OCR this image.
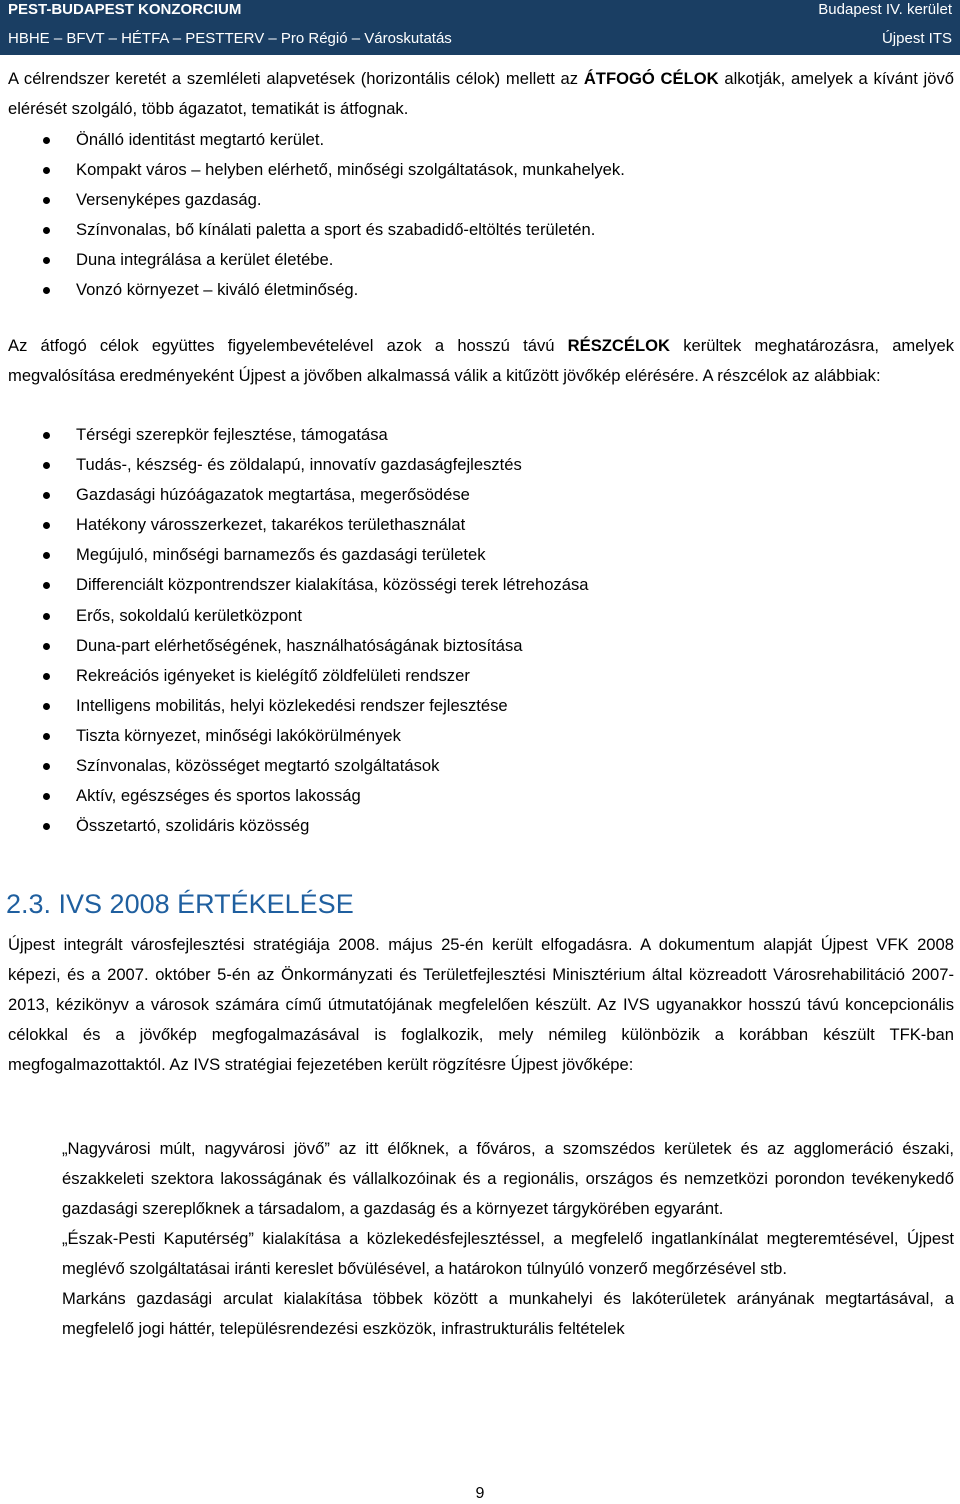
PEST-BUDAPEST KONZORCIUM	Budapest IV. kerület
HBHE – BFVT – HÉTFA – PESTTERV – Pro Régió – Városkutatás	Újpest ITS

A célrendszer keretét a szemléleti alapvetések (horizontális célok) mellett az ÁTFOGÓ CÉLOK alkotják, amelyek a kívánt jövő elérését szolgáló, több ágazatot, tematikát is átfognak.

Önálló identitást megtartó kerület.
Kompakt város – helyben elérhető, minőségi szolgáltatások, munkahelyek.
Versenyképes gazdaság.
Színvonalas, bő kínálati paletta a sport és szabadidő-eltöltés területén.
Duna integrálása a kerület életébe.
Vonzó környezet – kiváló életminőség.

Az átfogó célok együttes figyelembevételével azok a hosszú távú RÉSZCÉLOK kerültek meghatározásra, amelyek megvalósítása eredményeként Újpest a jövőben alkalmassá válik a kitűzött jövőkép elérésére. A részcélok az alábbiak:

Térségi szerepkör fejlesztése, támogatása
Tudás-, készség- és zöldalapú, innovatív gazdaságfejlesztés
Gazdasági húzóágazatok megtartása, megerősödése
Hatékony városszerkezet, takarékos területhasználat
Megújuló, minőségi barnamezős és gazdasági területek
Differenciált központrendszer kialakítása, közösségi terek létrehozása
Erős, sokoldalú kerületközpont
Duna-part elérhetőségének, használhatóságának biztosítása
Rekreációs igényeket is kielégítő zöldfelületi rendszer
Intelligens mobilitás, helyi közlekedési rendszer fejlesztése
Tiszta környezet, minőségi lakókörülmények
Színvonalas, közösséget megtartó szolgáltatások
Aktív, egészséges és sportos lakosság
Összetartó, szolidáris közösség
2.3. IVS 2008 ÉRTÉKELÉSE

Újpest integrált városfejlesztési stratégiája 2008. május 25-én került elfogadásra. A dokumentum alapját Újpest VFK 2008 képezi, és a 2007. október 5-én az Önkormányzati és Területfejlesztési Minisztérium által közreadott Városrehabilitáció 2007-2013, kézikönyv a városok számára című útmutatójának megfelelően készült. Az IVS ugyanakkor hosszú távú koncepcionális célokkal és a jövőkép megfogalmazásával is foglalkozik, mely némileg különbözik a korábban készült TFK-ban megfogalmazottaktól. Az IVS stratégiai fejezetében került rögzítésre Újpest jövőképe:

„Nagyvárosi múlt, nagyvárosi jövő” az itt élőknek, a főváros, a szomszédos kerületek és az agglomeráció északi, északkeleti szektora lakosságának és vállalkozóinak és a regionális, országos és nemzetközi porondon tevékenykedő gazdasági szereplőknek a társadalom, a gazdaság és a környezet tárgykörében egyaránt.

„Észak-Pesti Kaputérség” kialakítása a közlekedésfejlesztéssel, a megfelelő ingatlankínálat megteremtésével, Újpest meglévő szolgáltatásai iránti kereslet bővülésével, a határokon túlnyúló vonzerő megőrzésével stb.

Markáns gazdasági arculat kialakítása többek között a munkahelyi és lakóterületek arányának megtartásával, a megfelelő jogi háttér, településrendezési eszközök, infrastrukturális feltételek

9
